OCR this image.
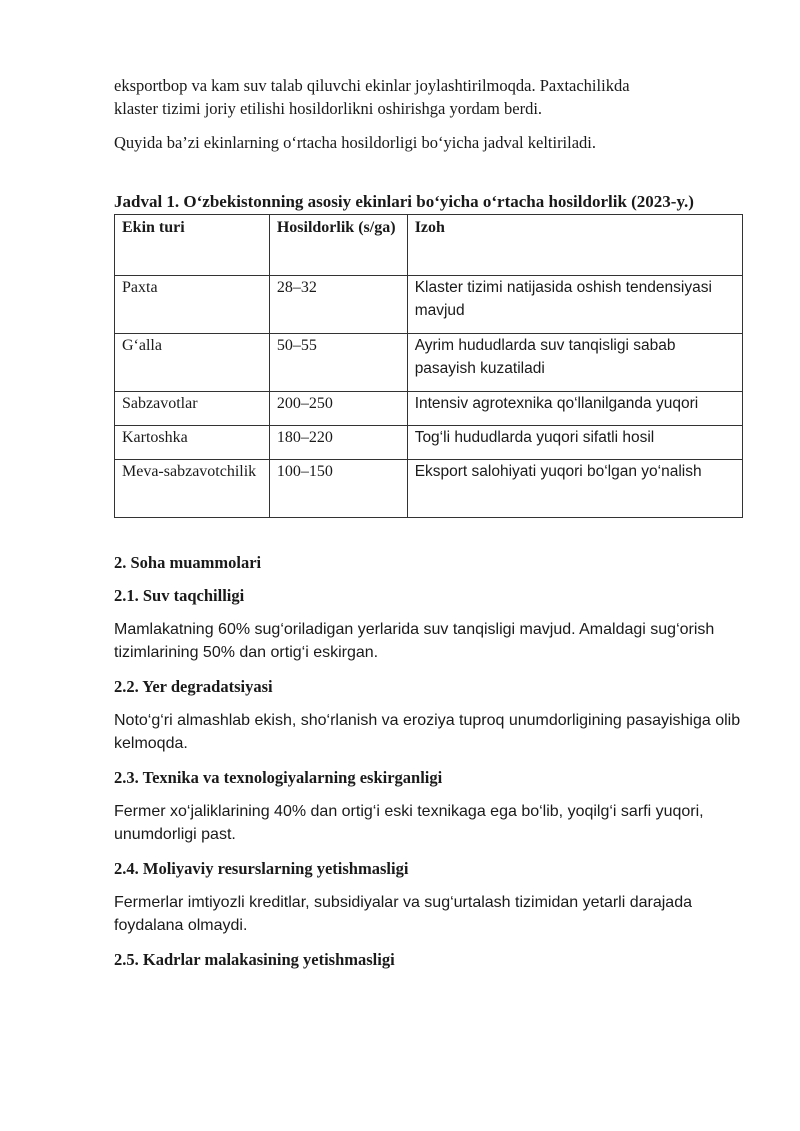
eksportbop va kam suv talab qiluvchi ekinlar joylashtirilmoqda. Paxtachilikda
klaster tizimi joriy etilishi hosildorlikni oshirishga yordam berdi.

Quyida ba’zi ekinlarning o‘rtacha hosildorligi bo‘yicha jadval keltiriladi.

Jadval 1. O‘zbekistonning asosiy ekinlari bo‘yicha o‘rtacha hosildorlik (2023-y.)

Ekin turi	Hosildorlik (s/ga)	Izoh
Paxta	28–32	Klaster tizimi natijasida oshish tendensiyasi mavjud
G‘alla	50–55	Ayrim hududlarda suv tanqisligi sabab pasayish kuzatiladi
Sabzavotlar	200–250	Intensiv agrotexnika qo‘llanilganda yuqori
Kartoshka	180–220	Tog‘li hududlarda yuqori sifatli hosil
Meva-sabzavotchilik	100–150	Eksport salohiyati yuqori bo‘lgan yo‘nalish

2. Soha muammolari

2.1. Suv taqchilligi

Mamlakatning 60% sug‘oriladigan yerlarida suv tanqisligi mavjud. Amaldagi sug‘orish tizimlarining 50% dan ortig‘i eskirgan.

2.2. Yer degradatsiyasi

Noto‘g‘ri almashlab ekish, sho‘rlanish va eroziya tuproq unumdorligining pasayishiga olib kelmoqda.

2.3. Texnika va texnologiyalarning eskirganligi

Fermer xo‘jaliklarining 40% dan ortig‘i eski texnikaga ega bo‘lib, yoqilg‘i sarfi yuqori, unumdorligi past.

2.4. Moliyaviy resurslarning yetishmasligi

Fermerlar imtiyozli kreditlar, subsidiyalar va sug‘urtalash tizimidan yetarli darajada foydalana olmaydi.

2.5. Kadrlar malakasining yetishmasligi
